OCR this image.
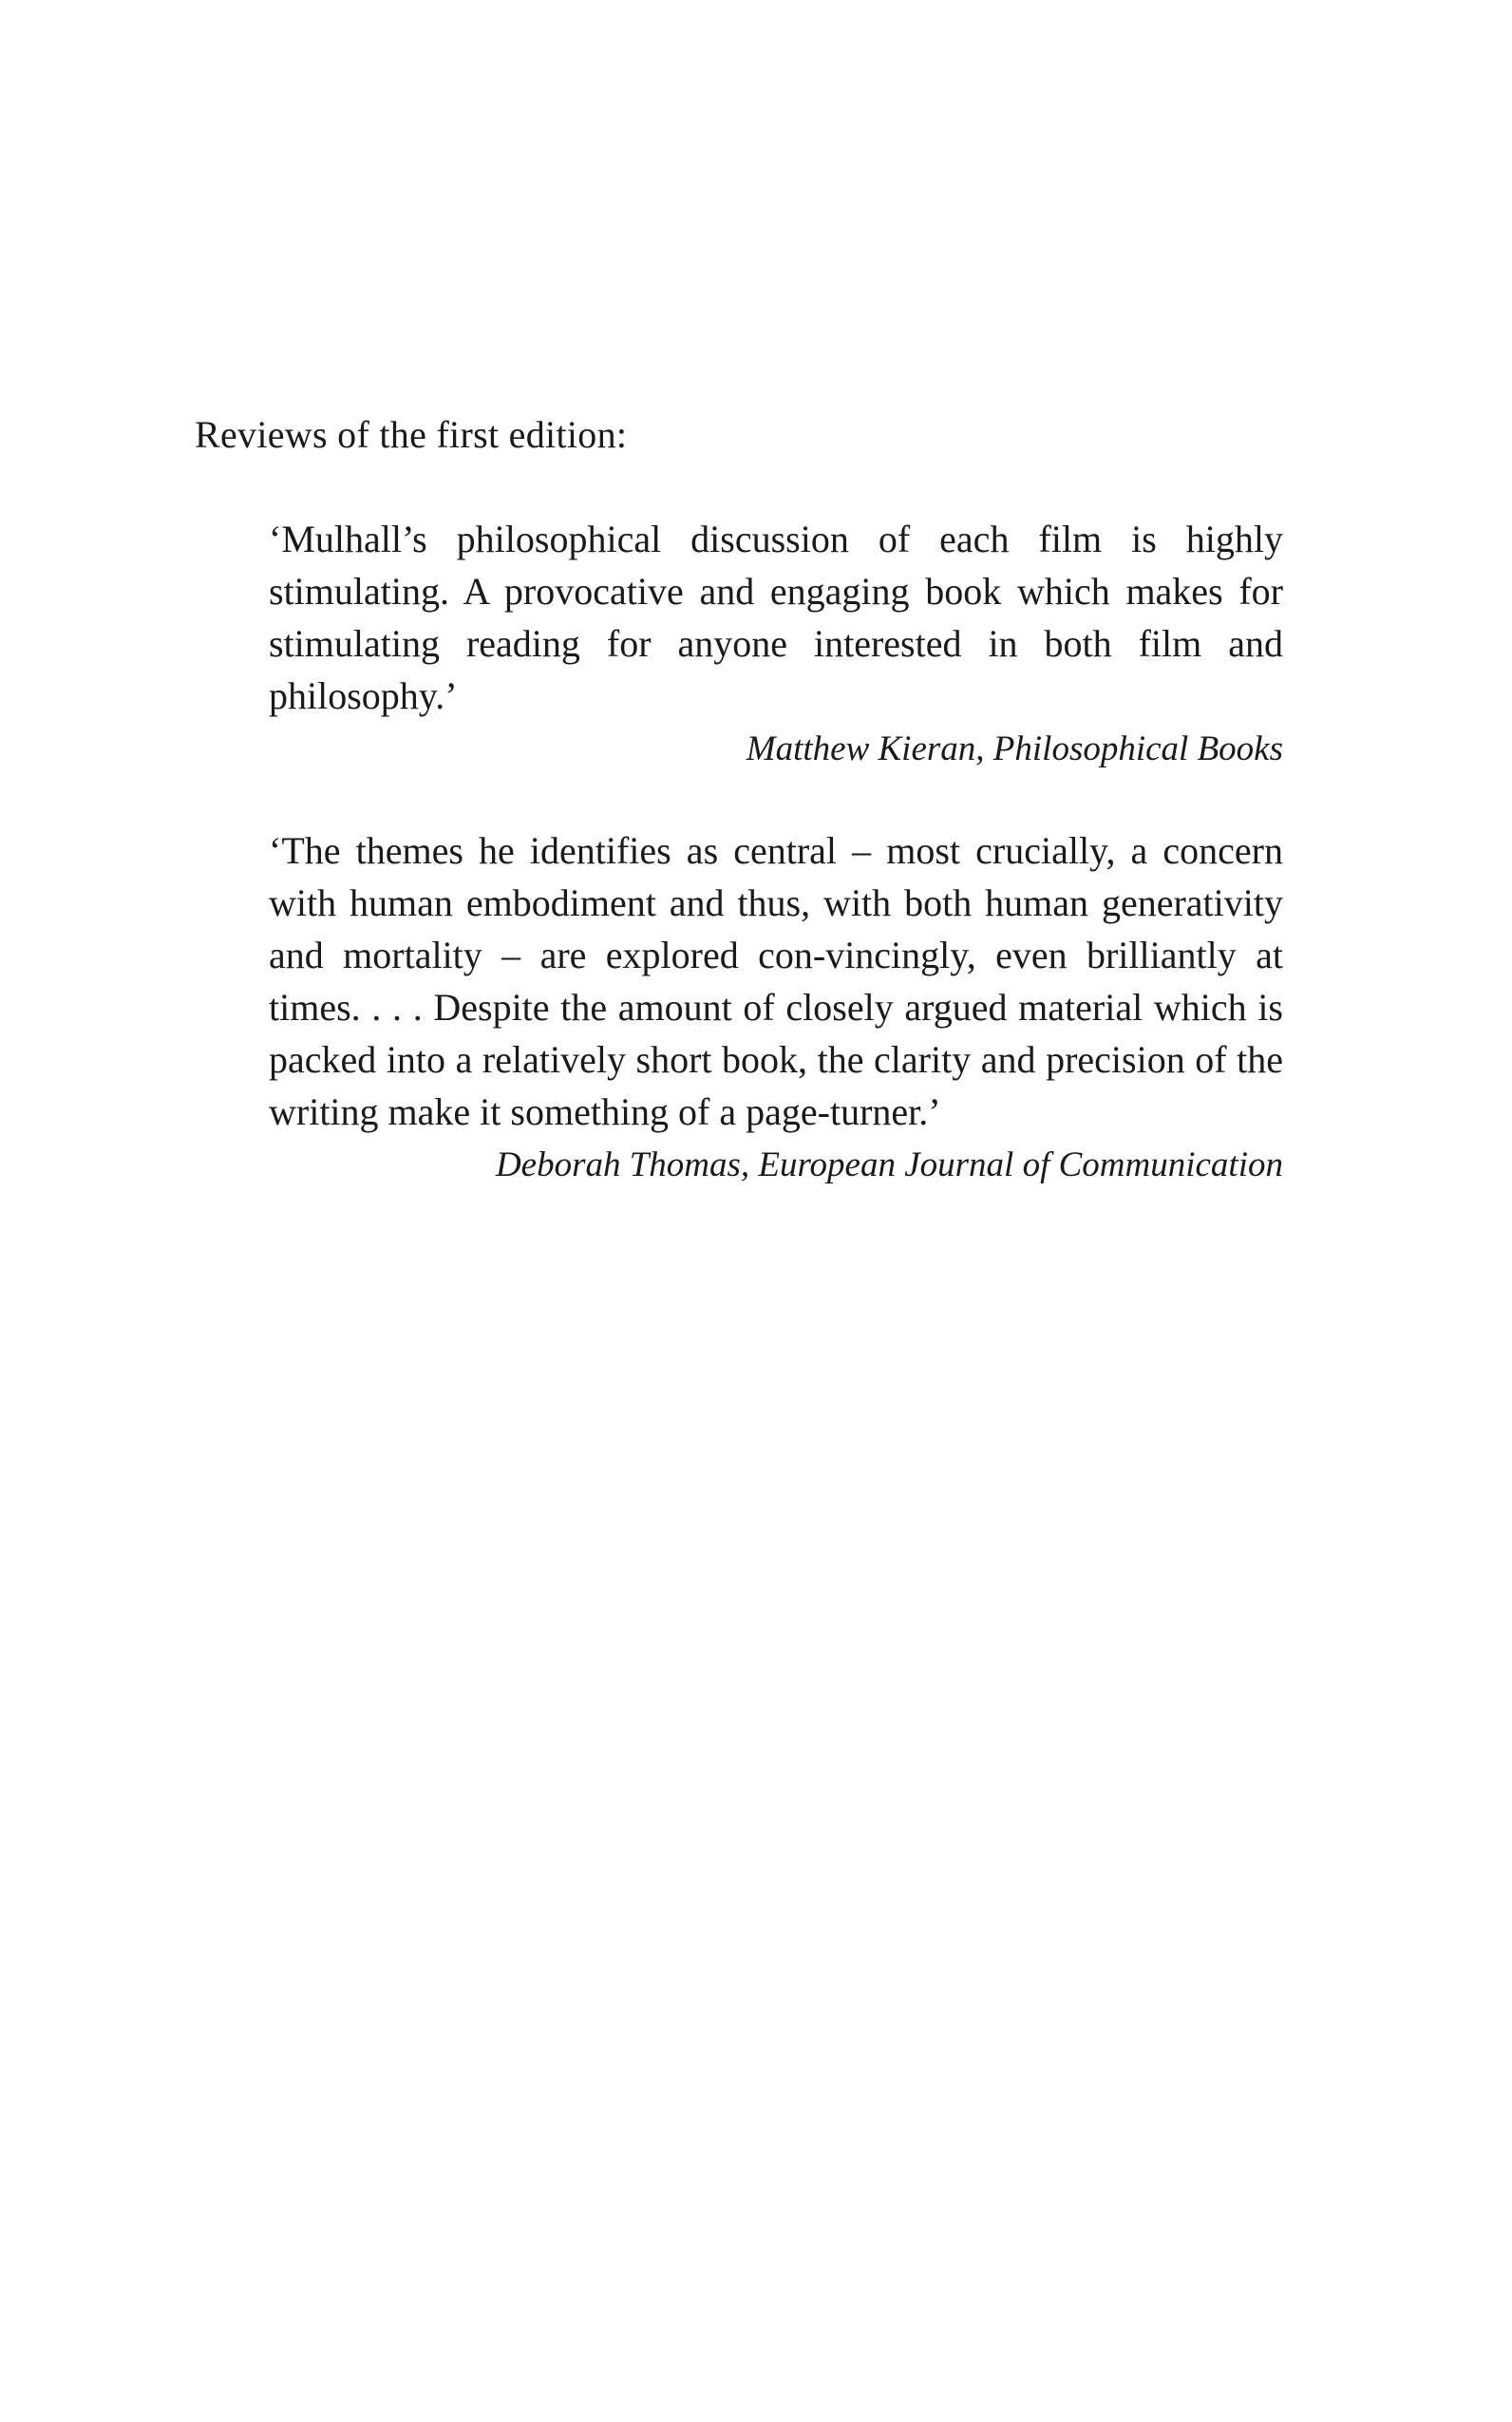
Reviews of the first edition:

‘Mulhall’s philosophical discussion of each film is highly stimulating. A provocative and engaging book which makes for stimulating reading for anyone interested in both film and philosophy.’

Matthew Kieran, Philosophical Books

‘The themes he identifies as central – most crucially, a concern with human embodiment and thus, with both human generativity and mortality – are explored con-vincingly, even brilliantly at times. . . . Despite the amount of closely argued material which is packed into a relatively short book, the clarity and precision of the writing make it something of a page-turner.’

Deborah Thomas, European Journal of Communication
